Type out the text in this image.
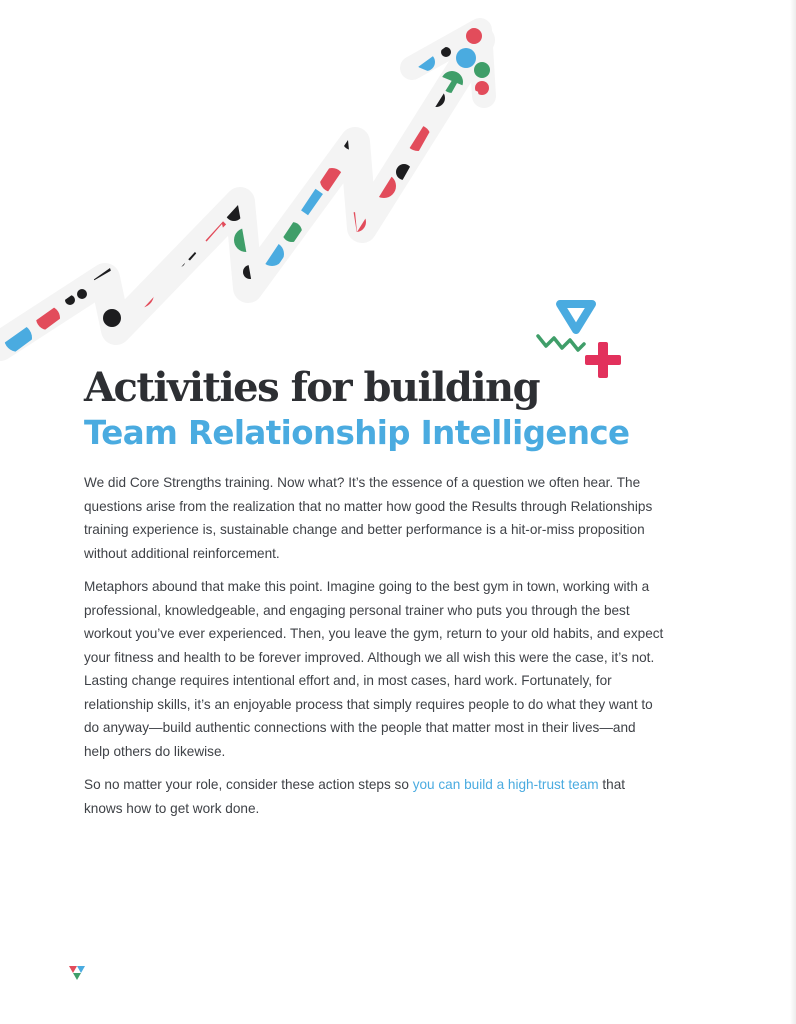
Activities for building
Team Relationship Intelligence

We did Core Strengths training. Now what? It’s the essence of a question we often hear. The questions arise from the realization that no matter how good the Results through Relationships training experience is, sustainable change and better performance is a hit-or-miss proposition without additional reinforcement.

Metaphors abound that make this point. Imagine going to the best gym in town, working with a professional, knowledgeable, and engaging personal trainer who puts you through the best workout you’ve ever experienced. Then, you leave the gym, return to your old habits, and expect your fitness and health to be forever improved. Although we all wish this were the case, it’s not. Lasting change requires intentional effort and, in most cases, hard work. Fortunately, for relationship skills, it’s an enjoyable process that simply requires people to do what they want to do anyway—build authentic connections with the people that matter most in their lives—and help others do likewise.

So no matter your role, consider these action steps so you can build a high-trust team that knows how to get work done.
